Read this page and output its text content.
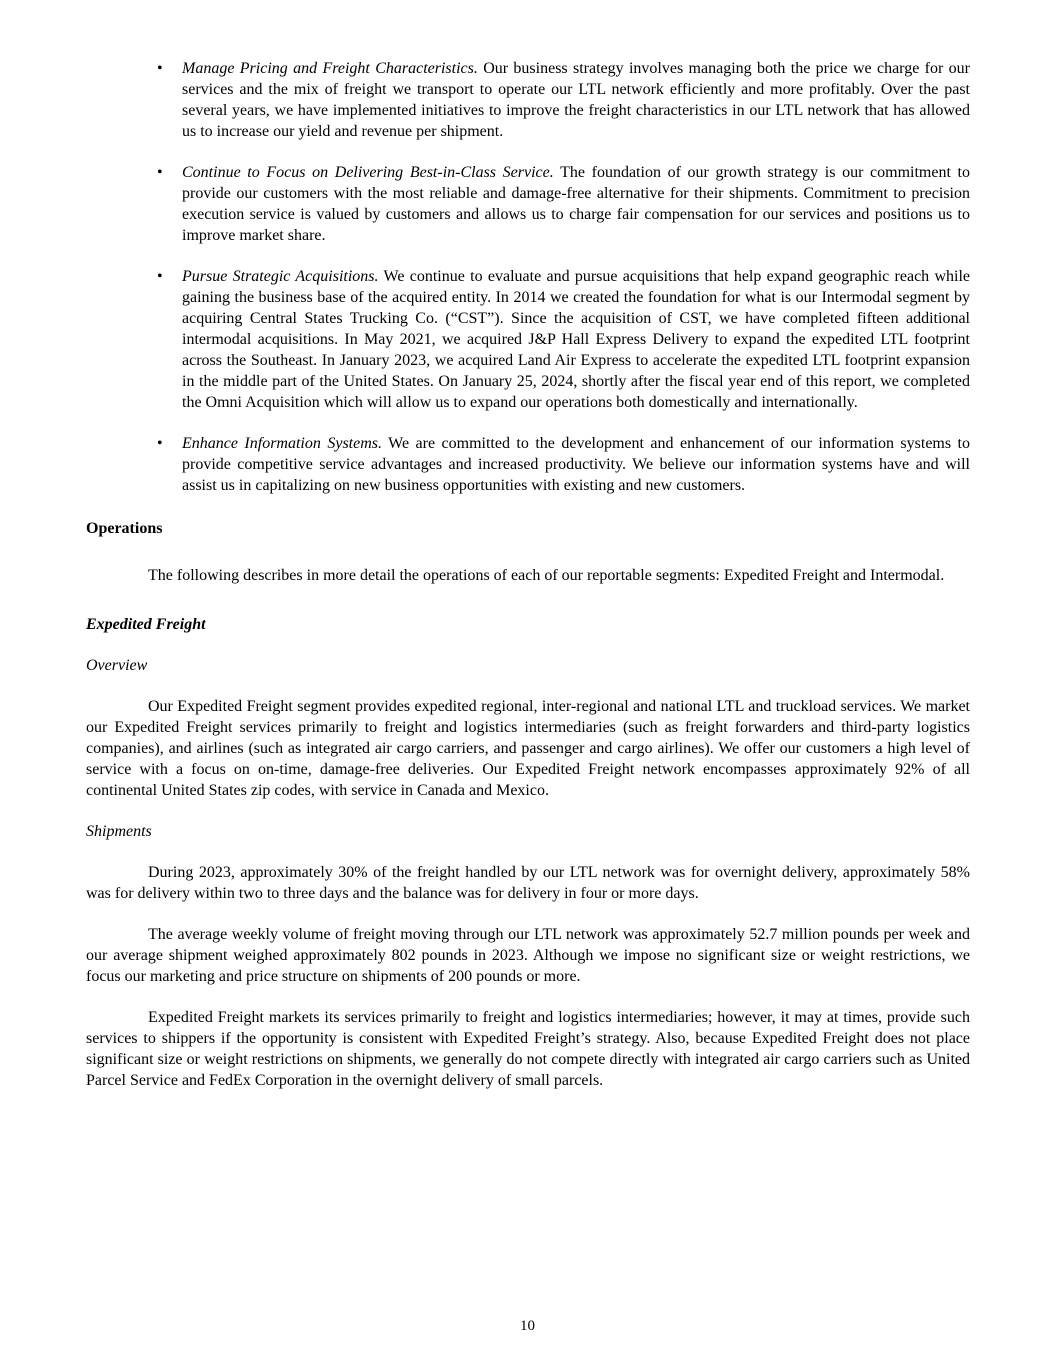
• Manage Pricing and Freight Characteristics. Our business strategy involves managing both the price we charge for our services and the mix of freight we transport to operate our LTL network efficiently and more profitably. Over the past several years, we have implemented initiatives to improve the freight characteristics in our LTL network that has allowed us to increase our yield and revenue per shipment.

• Continue to Focus on Delivering Best-in-Class Service. The foundation of our growth strategy is our commitment to provide our customers with the most reliable and damage-free alternative for their shipments. Commitment to precision execution service is valued by customers and allows us to charge fair compensation for our services and positions us to improve market share.

• Pursue Strategic Acquisitions. We continue to evaluate and pursue acquisitions that help expand geographic reach while gaining the business base of the acquired entity. In 2014 we created the foundation for what is our Intermodal segment by acquiring Central States Trucking Co. (“CST”). Since the acquisition of CST, we have completed fifteen additional intermodal acquisitions. In May 2021, we acquired J&P Hall Express Delivery to expand the expedited LTL footprint across the Southeast. In January 2023, we acquired Land Air Express to accelerate the expedited LTL footprint expansion in the middle part of the United States. On January 25, 2024, shortly after the fiscal year end of this report, we completed the Omni Acquisition which will allow us to expand our operations both domestically and internationally.

• Enhance Information Systems. We are committed to the development and enhancement of our information systems to provide competitive service advantages and increased productivity. We believe our information systems have and will assist us in capitalizing on new business opportunities with existing and new customers.

Operations

The following describes in more detail the operations of each of our reportable segments: Expedited Freight and Intermodal.

Expedited Freight
Overview

Our Expedited Freight segment provides expedited regional, inter-regional and national LTL and truckload services. We market our Expedited Freight services primarily to freight and logistics intermediaries (such as freight forwarders and third-party logistics companies), and airlines (such as integrated air cargo carriers, and passenger and cargo airlines). We offer our customers a high level of service with a focus on on-time, damage-free deliveries. Our Expedited Freight network encompasses approximately 92% of all continental United States zip codes, with service in Canada and Mexico.

Shipments

During 2023, approximately 30% of the freight handled by our LTL network was for overnight delivery, approximately 58% was for delivery within two to three days and the balance was for delivery in four or more days.

The average weekly volume of freight moving through our LTL network was approximately 52.7 million pounds per week and our average shipment weighed approximately 802 pounds in 2023. Although we impose no significant size or weight restrictions, we focus our marketing and price structure on shipments of 200 pounds or more.

Expedited Freight markets its services primarily to freight and logistics intermediaries; however, it may at times, provide such services to shippers if the opportunity is consistent with Expedited Freight’s strategy. Also, because Expedited Freight does not place significant size or weight restrictions on shipments, we generally do not compete directly with integrated air cargo carriers such as United Parcel Service and FedEx Corporation in the overnight delivery of small parcels.

10
